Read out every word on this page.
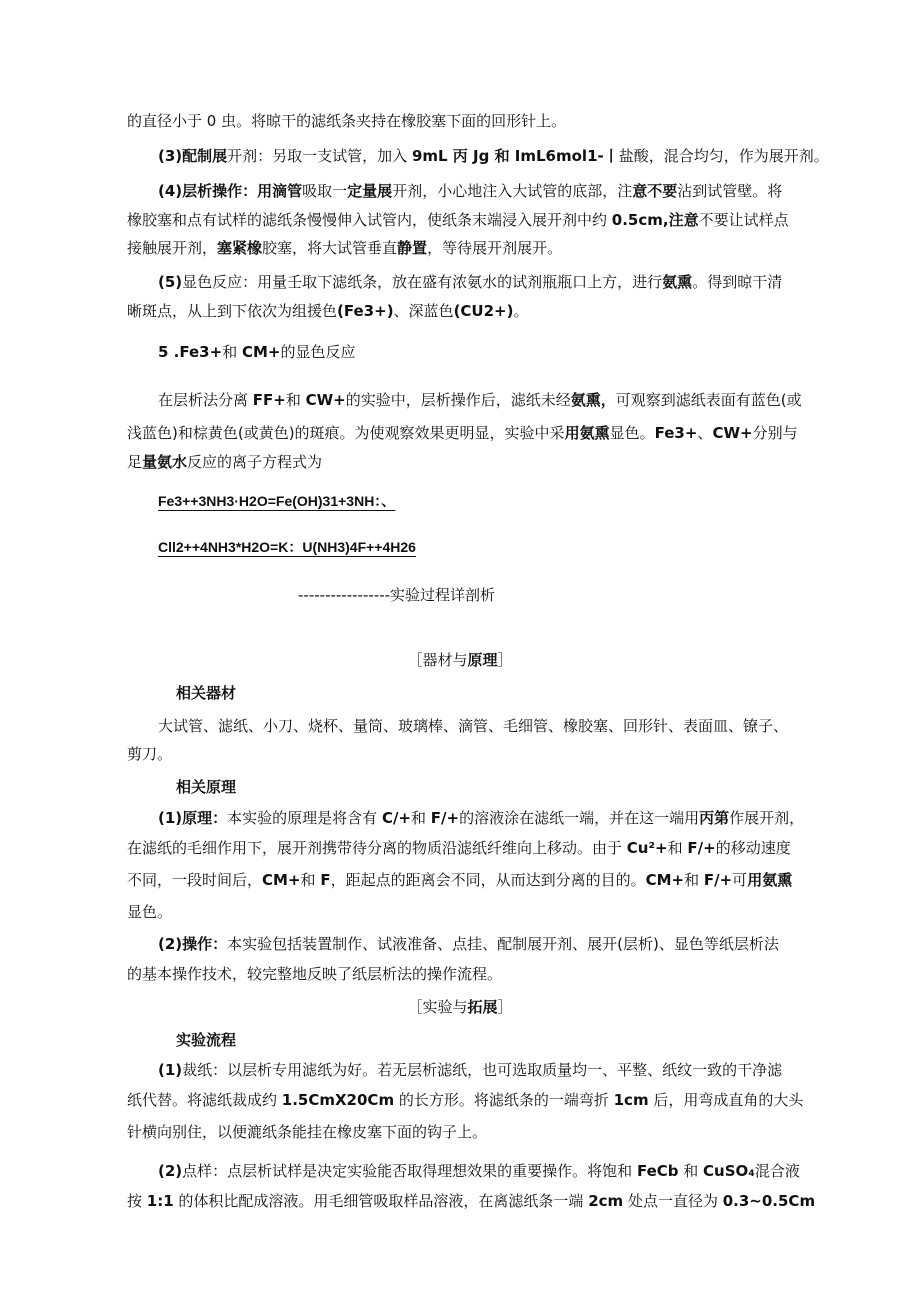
的直径小于 0 虫。将晾干的滤纸条夹持在橡胶塞下面的回形针上。

(3)配制展开剂：另取一支试管，加入 9mL 丙 Jg 和 ImL6mol1-丨盐酸，混合均匀，作为展开剂。

(4)层析操作：用滴管吸取一定量展开剂，小心地注入大试管的底部，注意不要沾到试管壁。将

橡胶塞和点有试样的滤纸条慢慢伸入试管内，使纸条末端浸入展开剂中约 0.5cm,注意不要让试样点

接触展开剂，塞紧橡胶塞，将大试管垂直静置，等待展开剂展开。

(5)显色反应：用量壬取下滤纸条，放在盛有浓氨水的试剂瓶瓶口上方，进行氨熏。得到晾干清

晰斑点，从上到下依次为组援色(Fe3+)、深蓝色(CU2+)。

5 .Fe3+和 CM+的显色反应

在层析法分离 FF+和 CW+的实验中，层析操作后，滤纸未经氨熏，可观察到滤纸表面有蓝色(或

浅蓝色)和棕黄色(或黄色)的斑痕。为使观察效果更明显，实验中采用氨熏显色。Fe3+、CW+分别与

足量氨水反应的离子方程式为

Fe3++3NH3·H2O=Fe(OH)31+3NH：、

Cll2++4NH3*H2O=K：U(NH3)4F++4H26

-----------------实验过程详剖析

［器材与原理］

相关器材

大试管、滤纸、小刀、烧杯、量筒、玻璃棒、滴管、毛细管、橡胶塞、回形针、表面皿、镣子、

剪刀。

相关原理

(1)原理：本实验的原理是将含有 C/+和 F/+的溶液涂在滤纸一端，并在这一端用丙第作展开剂，

在滤纸的毛细作用下，展开剂携带待分离的物质沿滤纸纤维向上移动。由于 Cu²+和 F/+的移动速度

不同，一段时间后，CM+和 F，距起点的距离会不同，从而达到分离的目的。CM+和 F/+可用氨熏

显色。

(2)操作：本实验包括装置制作、试液准备、点挂、配制展开剂、展开(层析)、显色等纸层析法

的基本操作技术，较完整地反映了纸层析法的操作流程。

［实验与拓展］

实验流程

(1)裁纸：以层析专用滤纸为好。若无层析滤纸，也可选取质量均一、平整、纸纹一致的干净滤

纸代替。将滤纸裁成约 1.5CmX20Cm 的长方形。将滤纸条的一端弯折 1cm 后，用弯成直角的大头

针横向别住，以便漉纸条能挂在橡皮塞下面的钩子上。

(2)点样：点层析试样是决定实验能否取得理想效果的重要操作。将饱和 FeCb 和 CuSO₄混合液

按 1:1 的体积比配成溶液。用毛细管吸取样品溶液，在离滤纸条一端 2cm 处点一直径为 0.3~0.5Cm
